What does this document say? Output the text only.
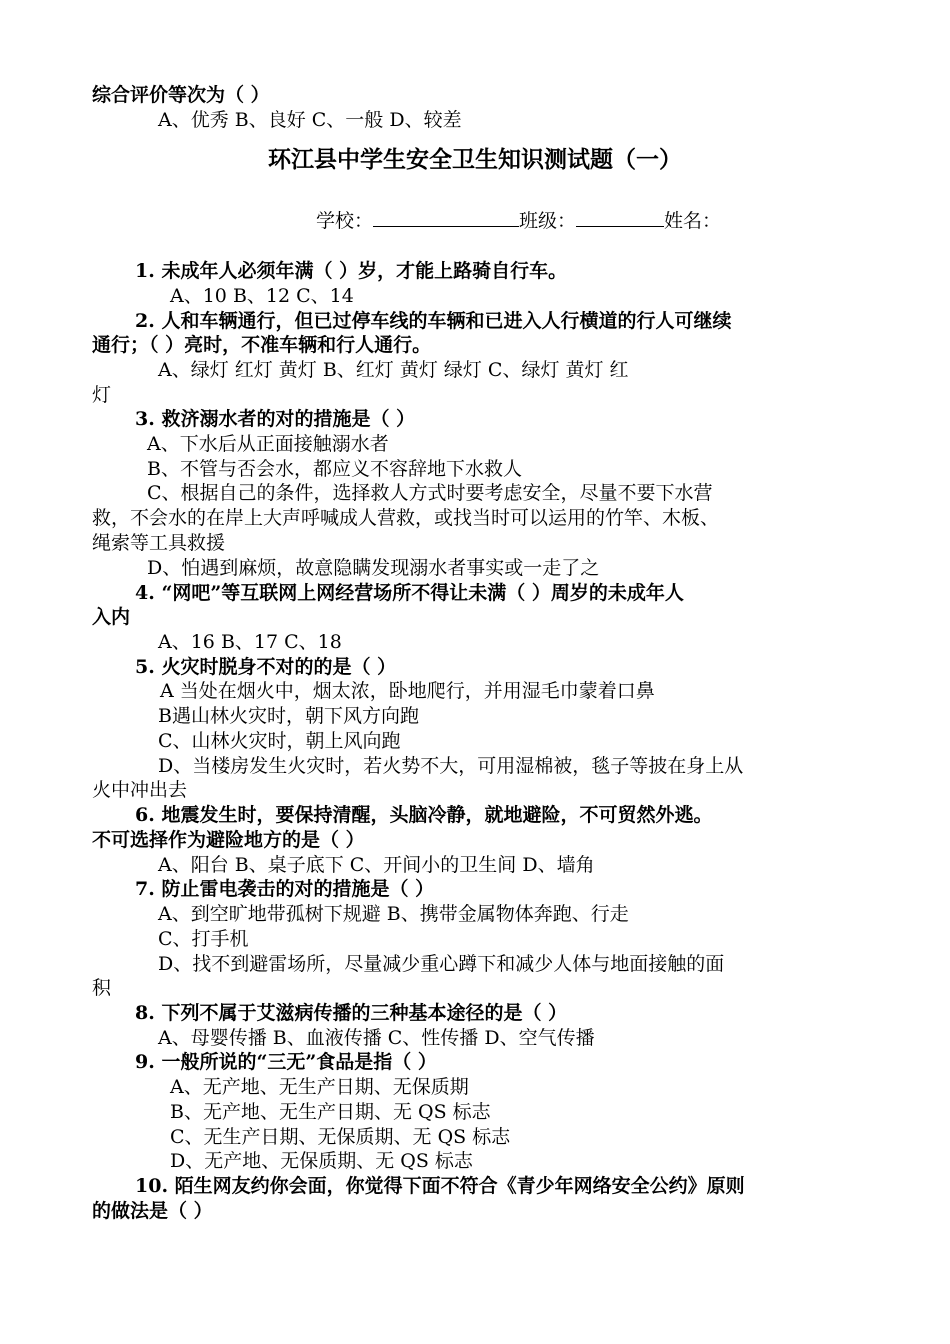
综合评价等次为（ ）
A、优秀 B、良好 C、一般 D、较差
环江县中学生安全卫生知识测试题（一）
学校：	班级：	姓名：
1. 未成年人必须年满（ ）岁，才能上路骑自行车。
A、10 B、12 C、14
2. 人和车辆通行，但已过停车线的车辆和已进入人行横道的行人可继续
通行；（ ）亮时，不准车辆和行人通行。
A、绿灯 红灯 黄灯 B、红灯 黄灯 绿灯 C、绿灯 黄灯 红
灯
3. 救济溺水者的对的措施是（ ）
A、下水后从正面接触溺水者
B、不管与否会水，都应义不容辞地下水救人
C、根据自己的条件，选择救人方式时要考虑安全，尽量不要下水营
救，不会水的在岸上大声呼喊成人营救，或找当时可以运用的竹竿、木板、
绳索等工具救援
D、怕遇到麻烦，故意隐瞒发现溺水者事实或一走了之
4. “网吧”等互联网上网经营场所不得让未满（ ）周岁的未成年人
入内
A、16 B、17 C、18
5. 火灾时脱身不对的的是（ ）
A 当处在烟火中，烟太浓，卧地爬行，并用湿毛巾蒙着口鼻
B遇山林火灾时，朝下风方向跑
C、山林火灾时，朝上风向跑
D、当楼房发生火灾时，若火势不大，可用湿棉被，毯子等披在身上从
火中冲出去
6. 地震发生时，要保持清醒，头脑冷静，就地避险，不可贸然外逃。
不可选择作为避险地方的是（ ）
A、阳台 B、桌子底下 C、开间小的卫生间 D、墙角
7. 防止雷电袭击的对的措施是（ ）
A、到空旷地带孤树下规避 B、携带金属物体奔跑、行走
C、打手机
D、找不到避雷场所，尽量减少重心蹲下和减少人体与地面接触的面
积
8. 下列不属于艾滋病传播的三种基本途径的是（ ）
A、母婴传播 B、血液传播 C、性传播 D、空气传播
9. 一般所说的“三无”食品是指（ ）
A、无产地、无生产日期、无保质期
B、无产地、无生产日期、无 QS 标志
C、无生产日期、无保质期、无 QS 标志
D、无产地、无保质期、无 QS 标志
10. 陌生网友约你会面，你觉得下面不符合《青少年网络安全公约》原则
的做法是（ ）
